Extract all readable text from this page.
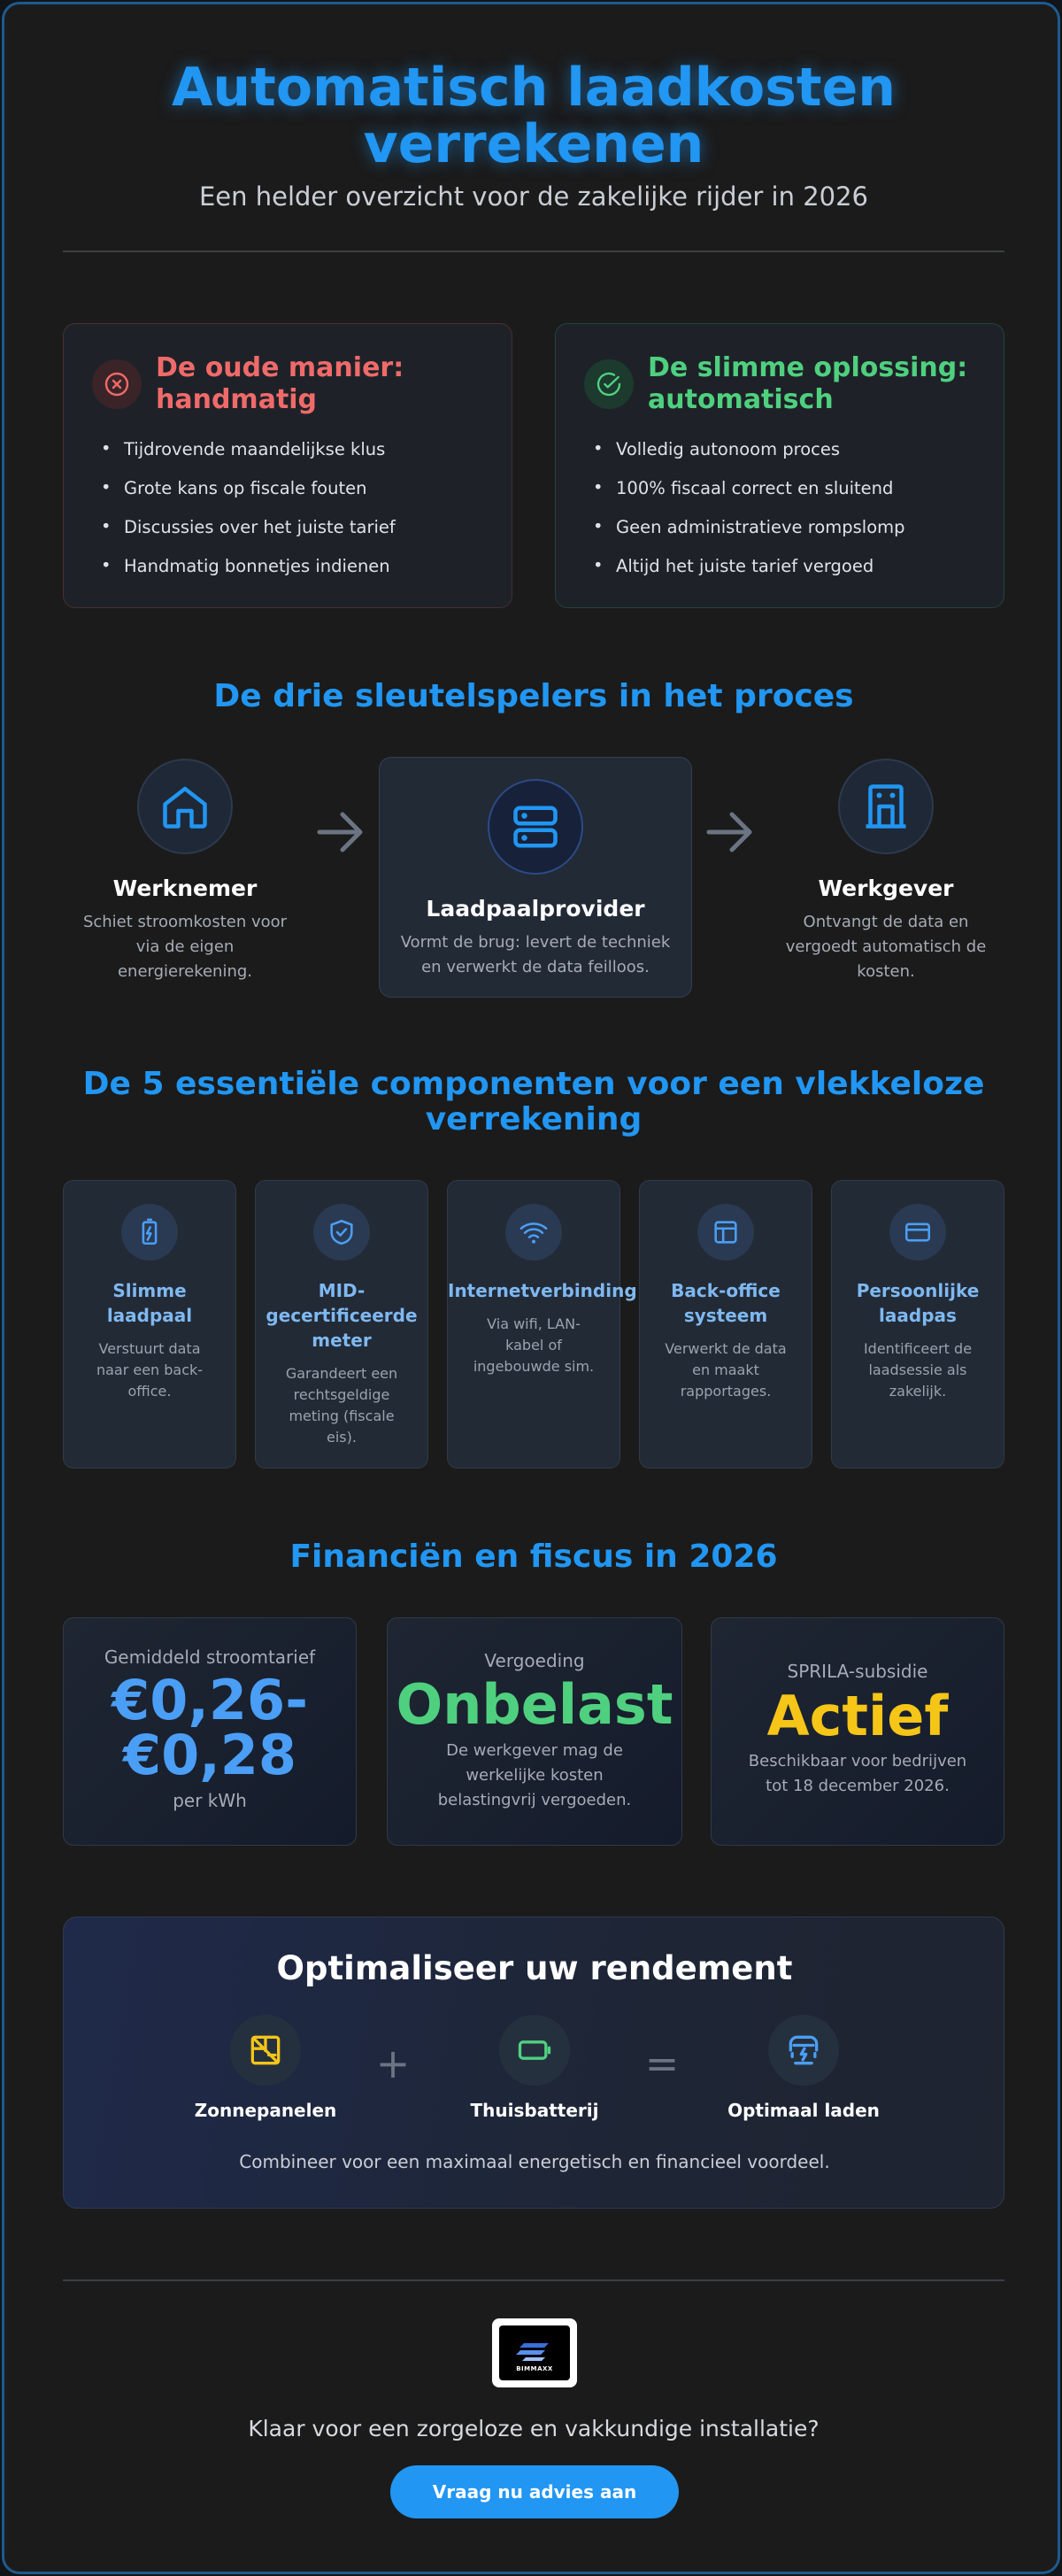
Automatisch laadkosten
verrekenen
Een helder overzicht voor de zakelijke rijder in 2026
De oude manier:
handmatig
• Tijdrovende maandelijkse klus
• Grote kans op fiscale fouten
• Discussies over het juiste tarief
• Handmatig bonnetjes indienen
De slimme oplossing:
automatisch
• Volledig autonoom proces
• 100% fiscaal correct en sluitend
• Geen administratieve rompslomp
• Altijd het juiste tarief vergoed
De drie sleutelspelers in het proces
Werknemer
Schiet stroomkosten voor
via de eigen
energierekening.
Laadpaalprovider
Vormt de brug: levert de techniek
en verwerkt de data feilloos.
Werkgever
Ontvangt de data en
vergoedt automatisch de
kosten.
De 5 essentiële componenten voor een vlekkeloze
verrekening
Slimme
laadpaal
Verstuurt data
naar een back-
office.
MID-
gecertificeerde
meter
Garandeert een
rechtsgeldige
meting (fiscale
eis).
Internetverbinding
Via wifi, LAN-
kabel of
ingebouwde sim.
Back-office
systeem
Verwerkt de data
en maakt
rapportages.
Persoonlijke
laadpas
Identificeert de
laadsessie als
zakelijk.
Financiën en fiscus in 2026
Gemiddeld stroomtarief
€0,26-
€0,28
per kWh
Vergoeding
Onbelast
De werkgever mag de
werkelijke kosten
belastingvrij vergoeden.
SPRILA-subsidie
Actief
Beschikbaar voor bedrijven
tot 18 december 2026.
Optimaliseer uw rendement
Zonnepanelen
+
Thuisbatterij
=
Optimaal laden
Combineer voor een maximaal energetisch en financieel voordeel.
BIMMAXX
Klaar voor een zorgeloze en vakkundige installatie?
Vraag nu advies aan
